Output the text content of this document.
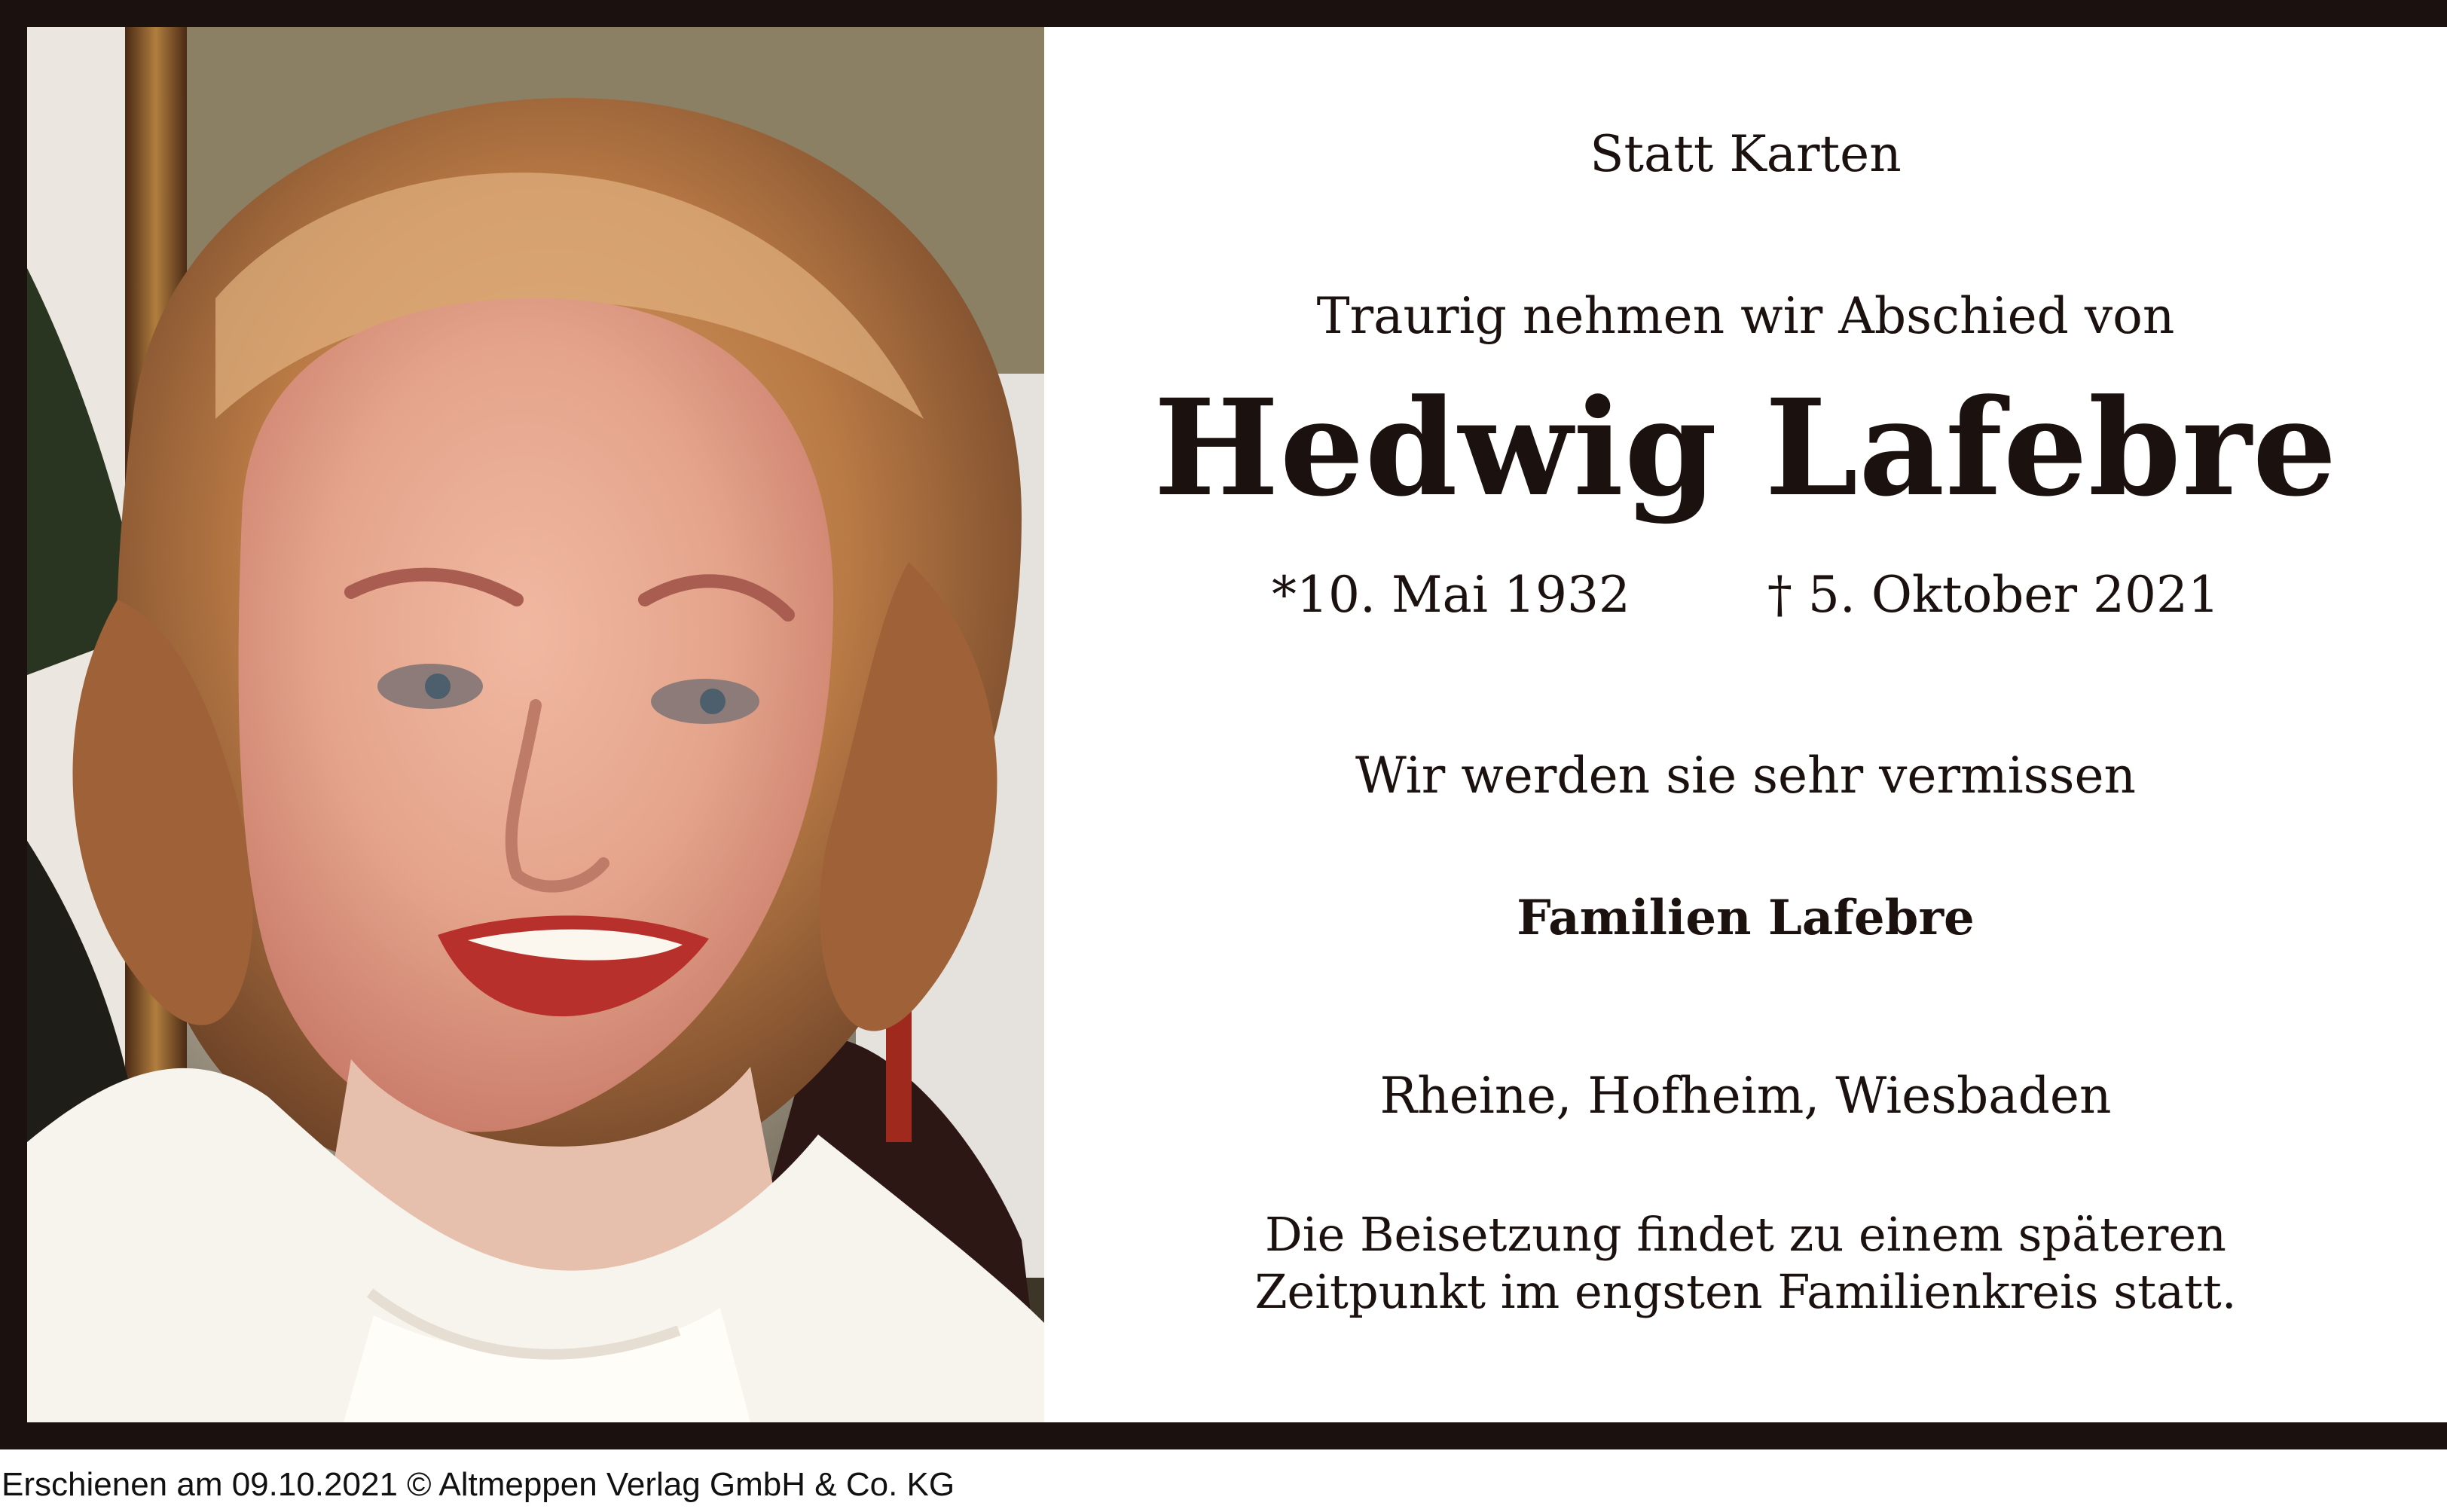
Statt Karten

Traurig nehmen wir Abschied von

Hedwig Lafebre
*10. Mai 1932	† 5. Oktober 2021

Wir werden sie sehr vermissen

Familien Lafebre

Rheine, Hofheim, Wiesbaden

Die Beisetzung findet zu einem späteren
Zeitpunkt im engsten Familienkreis statt.
Erschienen am 09.10.2021 © Altmeppen Verlag GmbH & Co. KG
